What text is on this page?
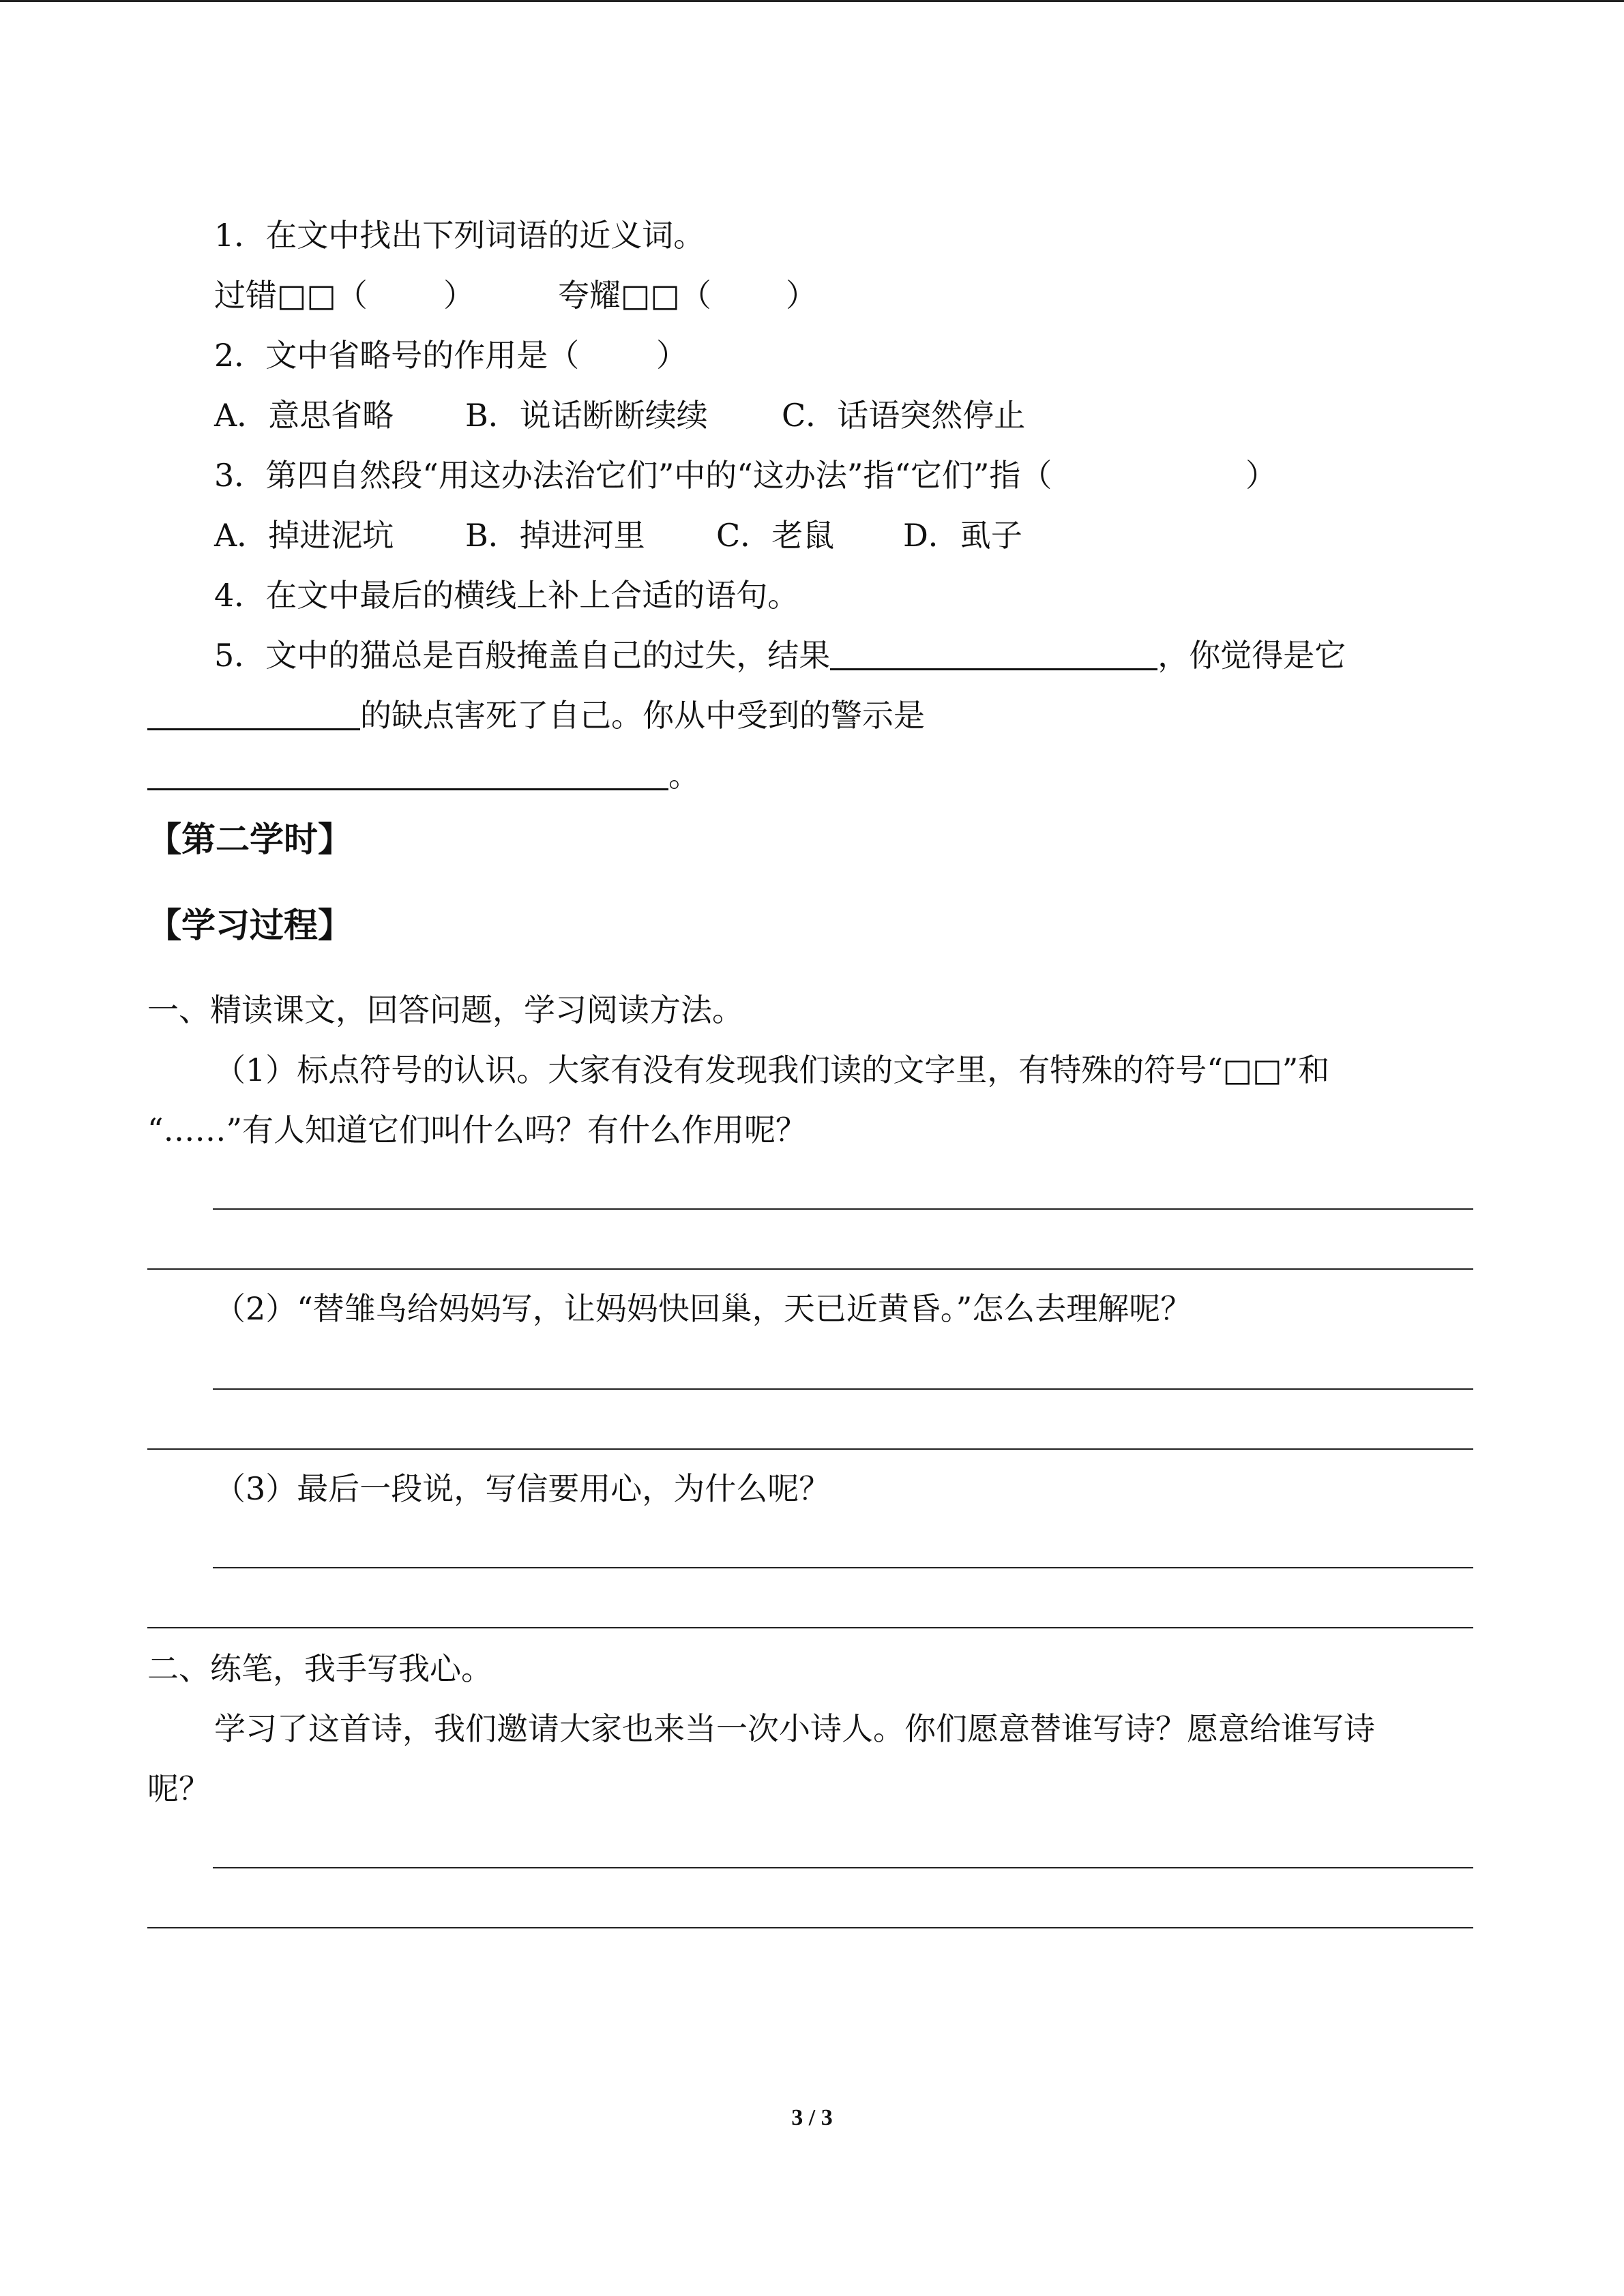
1．在文中找出下列词语的近义词。
过错□□（ ）	夸耀□□（ ）
2．文中省略号的作用是（ ）
A．意思省略 B．说话断断续续 C．话语突然停止
3．第四自然段“用这办法治它们”中的“这办法”指“它们”指（	）
A．掉进泥坑 B．掉进河里 C．老鼠 D．虱子
4．在文中最后的横线上补上合适的语句。
5．文中的猫总是百般掩盖自己的过失，结果	，你觉得是它
的缺点害死了自己。你从中受到的警示是
。
【第二学时】
【学习过程】
一、精读课文，回答问题，学习阅读方法。
（1）标点符号的认识。大家有没有发现我们读的文字里，有特殊的符号“□□”和
“……”有人知道它们叫什么吗？有什么作用呢？
（2）“替雏鸟给妈妈写，让妈妈快回巢，天已近黄昏。”怎么去理解呢？
（3）最后一段说，写信要用心，为什么呢？
二、练笔，我手写我心。
学习了这首诗，我们邀请大家也来当一次小诗人。你们愿意替谁写诗？愿意给谁写诗
呢？
3 / 3
